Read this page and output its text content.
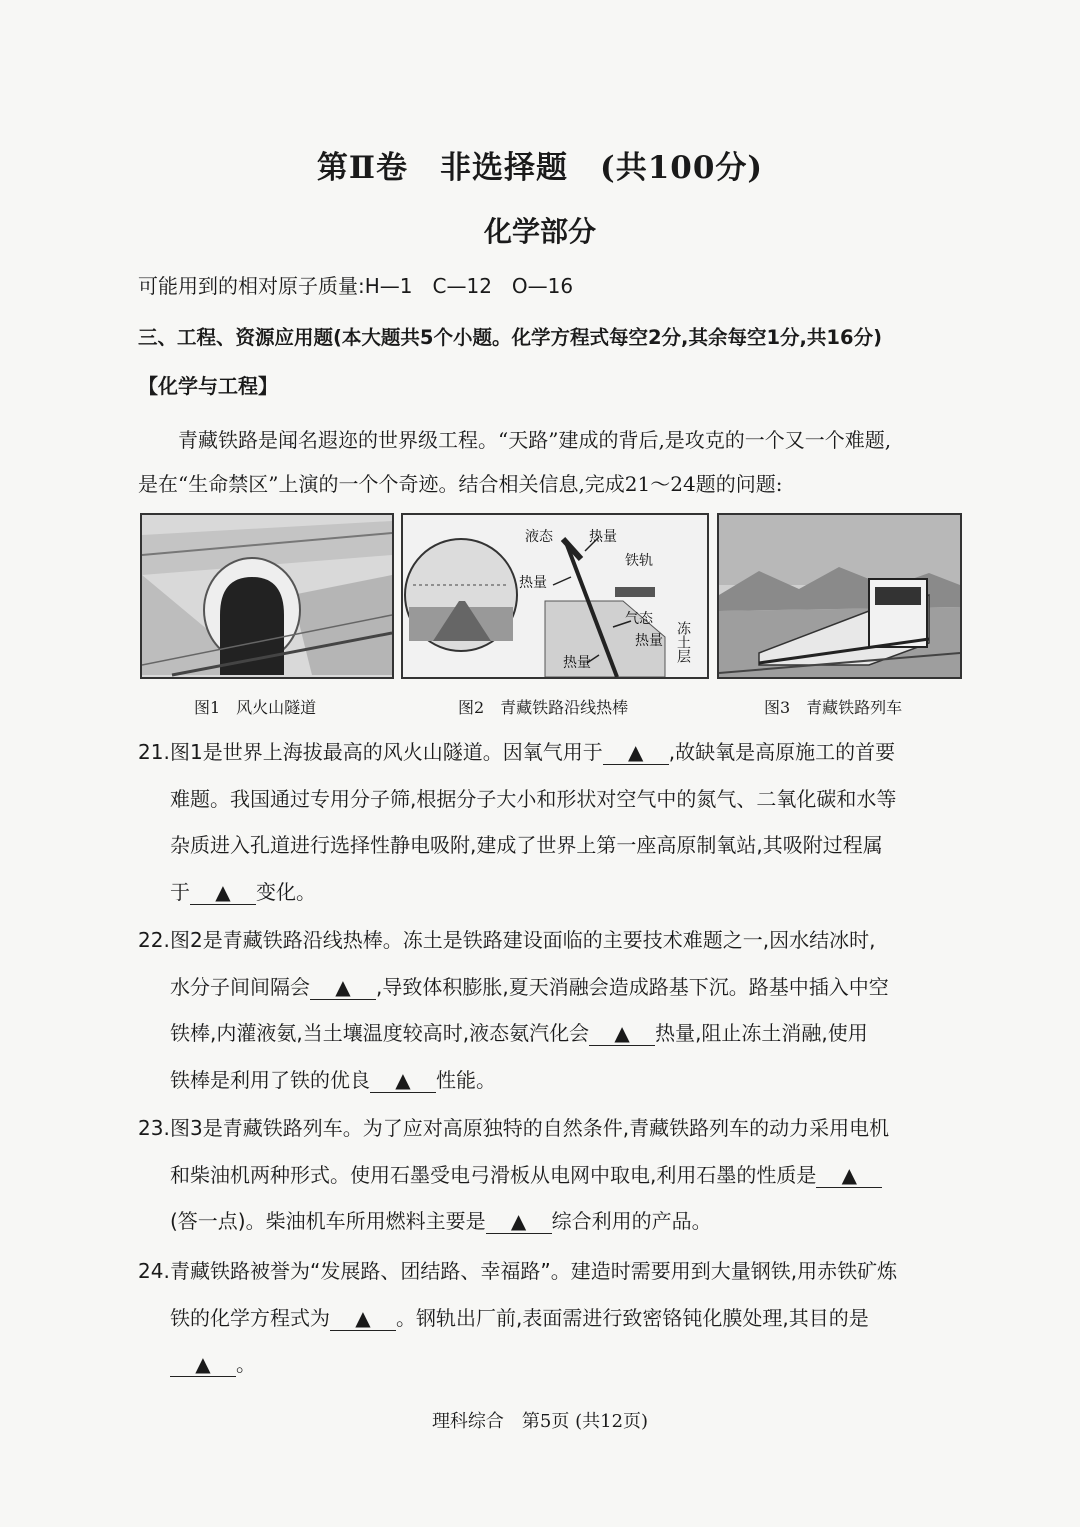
第Ⅱ卷　非选择题　(共100分)
化学部分
可能用到的相对原子质量:H—1　C—12　O—16
三、工程、资源应用题(本大题共5个小题。化学方程式每空2分,其余每空1分,共16分)
【化学与工程】

青藏铁路是闻名遐迩的世界级工程。“天路”建成的背后,是攻克的一个又一个难题,

是在“生命禁区”上演的一个个奇迹。结合相关信息,完成21～24题的问题:

液态	热量
铁轨
热量
气态
热量
热量	冻土层
图1　风火山隧道	图2　青藏铁路沿线热棒	图3　青藏铁路列车

21.图1是世界上海拔最高的风火山隧道。因氧气用于 ▲ ,故缺氧是高原施工的首要

难题。我国通过专用分子筛,根据分子大小和形状对空气中的氮气、二氧化碳和水等

杂质进入孔道进行选择性静电吸附,建成了世界上第一座高原制氧站,其吸附过程属

于 ▲ 变化。

22.图2是青藏铁路沿线热棒。冻土是铁路建设面临的主要技术难题之一,因水结冰时,

水分子间间隔会 ▲ ,导致体积膨胀,夏天消融会造成路基下沉。路基中插入中空

铁棒,内灌液氨,当土壤温度较高时,液态氨汽化会 ▲ 热量,阻止冻土消融,使用

铁棒是利用了铁的优良 ▲ 性能。

23.图3是青藏铁路列车。为了应对高原独特的自然条件,青藏铁路列车的动力采用电机

和柴油机两种形式。使用石墨受电弓滑板从电网中取电,利用石墨的性质是 ▲

(答一点)。柴油机车所用燃料主要是 ▲ 综合利用的产品。

24.青藏铁路被誉为“发展路、团结路、幸福路”。建造时需要用到大量钢铁,用赤铁矿炼

铁的化学方程式为 ▲ 。钢轨出厂前,表面需进行致密铬钝化膜处理,其目的是

▲ 。

理科综合　第5页 (共12页)
